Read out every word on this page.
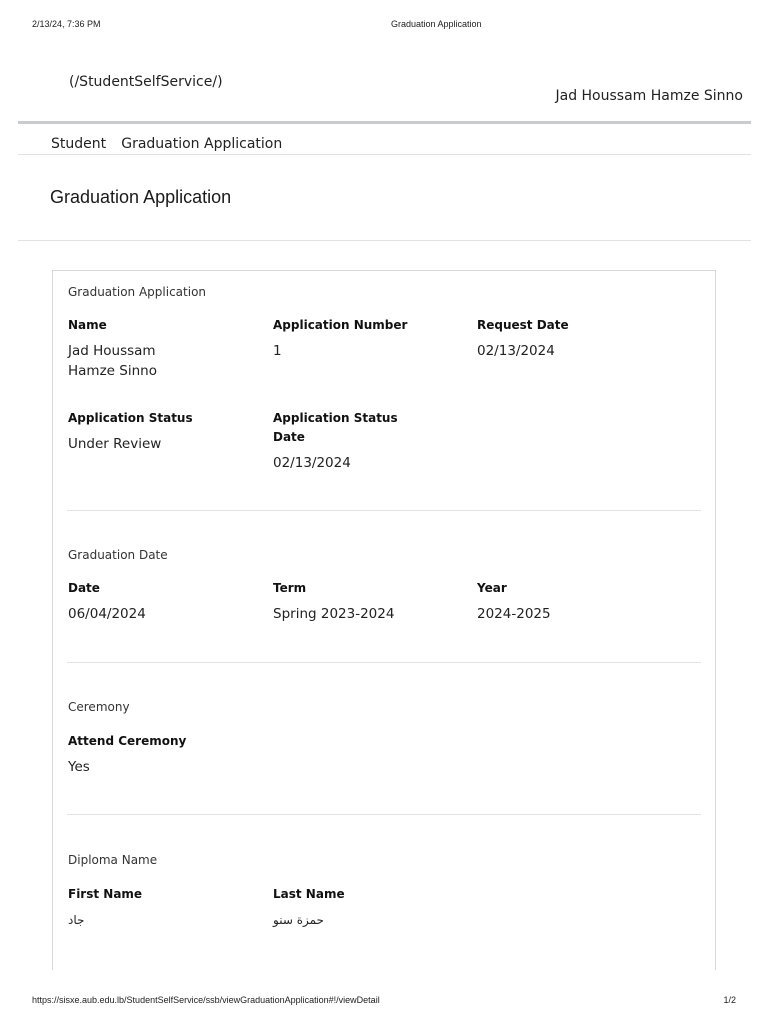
2/13/24, 7:36 PM	Graduation Application
(/StudentSelfService/)
Jad Houssam Hamze Sinno
Student Graduation Application
Graduation Application
Graduation Application
Name
Jad Houssam
Hamze Sinno
Application Number
1
Request Date
02/13/2024
Application Status
Under Review
Application Status
Date
02/13/2024
Graduation Date
Date
06/04/2024
Term
Spring 2023-2024
Year
2024-2025
Ceremony
Attend Ceremony
Yes
Diploma Name
First Name
جاد
Last Name
حمزة سنو
https://sisxe.aub.edu.lb/StudentSelfService/ssb/viewGraduationApplication#!/viewDetail	1/2
